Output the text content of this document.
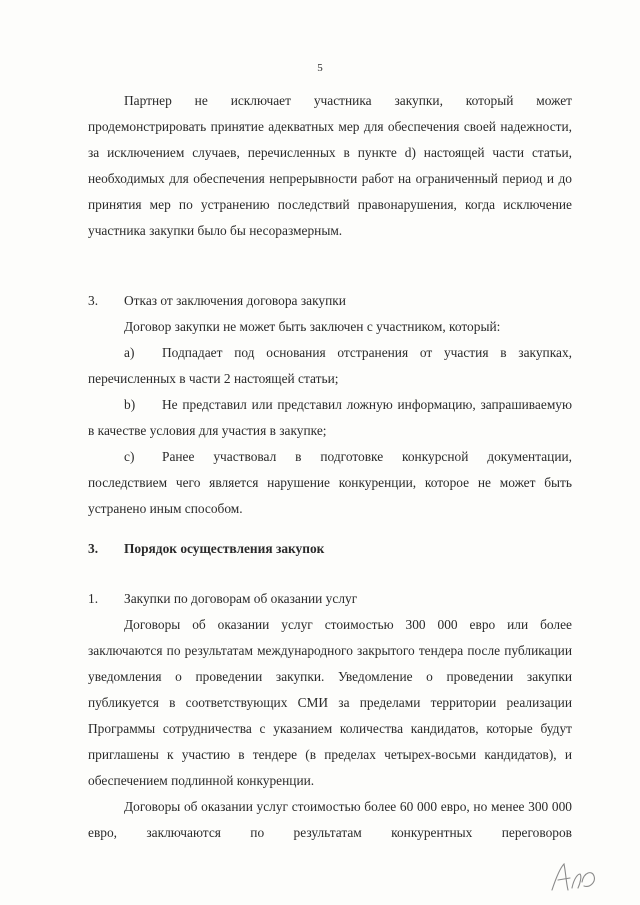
5
Партнер не исключает участника закупки, который может продемонстрировать принятие адекватных мер для обеспечения своей надежности, за исключением случаев, перечисленных в пункте d) настоящей части статьи, необходимых для обеспечения непрерывности работ на ограниченный период и до принятия мер по устранению последствий правонарушения, когда исключение участника закупки было бы несоразмерным.
3.	Отказ от заключения договора закупки
Договор закупки не может быть заключен с участником, который:
a) Подпадает под основания отстранения от участия в закупках, перечисленных в части 2 настоящей статьи;
b) Не представил или представил ложную информацию, запрашиваемую в качестве условия для участия в закупке;
c) Ранее участвовал в подготовке конкурсной документации, последствием чего является нарушение конкуренции, которое не может быть устранено иным способом.
3.	Порядок осуществления закупок
1.	Закупки по договорам об оказании услуг
Договоры об оказании услуг стоимостью 300 000 евро или более заключаются по результатам международного закрытого тендера после публикации уведомления о проведении закупки. Уведомление о проведении закупки публикуется в соответствующих СМИ за пределами территории реализации Программы сотрудничества с указанием количества кандидатов, которые будут приглашены к участию в тендере (в пределах четырех-восьми кандидатов), и обеспечением подлинной конкуренции.
Договоры об оказании услуг стоимостью более 60 000 евро, но менее 300 000 евро, заключаются по результатам конкурентных переговоров
